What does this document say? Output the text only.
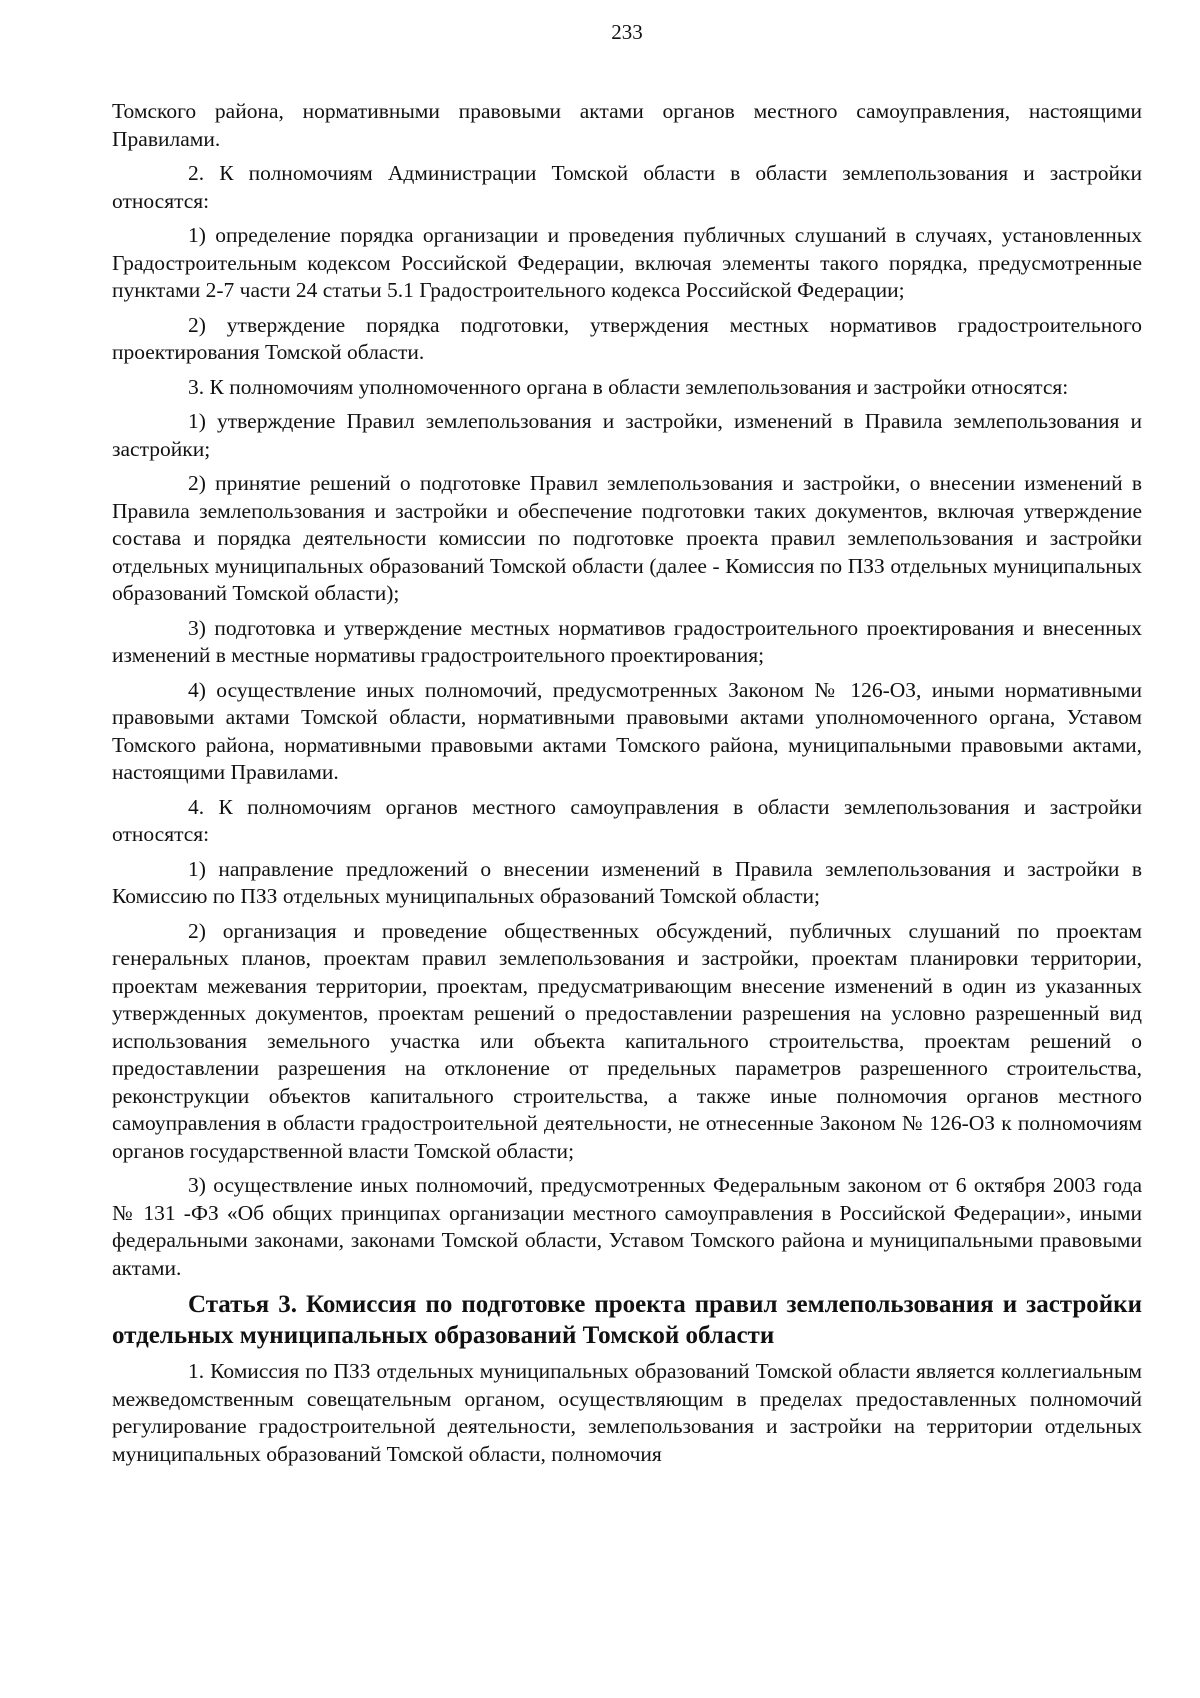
233

Томского района, нормативными правовыми актами органов местного самоуправления, настоящими Правилами.

2. К полномочиям Администрации Томской области в области землепользования и застройки относятся:

1) определение порядка организации и проведения публичных слушаний в случаях, установленных Градостроительным кодексом Российской Федерации, включая элементы такого порядка, предусмотренные пунктами 2-7 части 24 статьи 5.1 Градостроительного кодекса Российской Федерации;

2) утверждение порядка подготовки, утверждения местных нормативов градостроительного проектирования Томской области.

3. К полномочиям уполномоченного органа в области землепользования и застройки относятся:

1) утверждение Правил землепользования и застройки, изменений в Правила землепользования и застройки;

2) принятие решений о подготовке Правил землепользования и застройки, о внесении изменений в Правила землепользования и застройки и обеспечение подготовки таких документов, включая утверждение состава и порядка деятельности комиссии по подготовке проекта правил землепользования и застройки отдельных муниципальных образований Томской области (далее - Комиссия по ПЗЗ отдельных муниципальных образований Томской области);

3) подготовка и утверждение местных нормативов градостроительного проектирования и внесенных изменений в местные нормативы градостроительного проектирования;

4) осуществление иных полномочий, предусмотренных Законом № 126-ОЗ, иными нормативными правовыми актами Томской области, нормативными правовыми актами уполномоченного органа, Уставом Томского района, нормативными правовыми актами Томского района, муниципальными правовыми актами, настоящими Правилами.

4. К полномочиям органов местного самоуправления в области землепользования и застройки относятся:

1) направление предложений о внесении изменений в Правила землепользования и застройки в Комиссию по ПЗЗ отдельных муниципальных образований Томской области;

2) организация и проведение общественных обсуждений, публичных слушаний по проектам генеральных планов, проектам правил землепользования и застройки, проектам планировки территории, проектам межевания территории, проектам, предусматривающим внесение изменений в один из указанных утвержденных документов, проектам решений о предоставлении разрешения на условно разрешенный вид использования земельного участка или объекта капитального строительства, проектам решений о предоставлении разрешения на отклонение от предельных параметров разрешенного строительства, реконструкции объектов капитального строительства, а также иные полномочия органов местного самоуправления в области градостроительной деятельности, не отнесенные Законом № 126-ОЗ к полномочиям органов государственной власти Томской области;

3) осуществление иных полномочий, предусмотренных Федеральным законом от 6 октября 2003 года № 131 -ФЗ «Об общих принципах организации местного самоуправления в Российской Федерации», иными федеральными законами, законами Томской области, Уставом Томского района и муниципальными правовыми актами.

Статья 3. Комиссия по подготовке проекта правил землепользования и застройки отдельных муниципальных образований Томской области

1. Комиссия по ПЗЗ отдельных муниципальных образований Томской области является коллегиальным межведомственным совещательным органом, осуществляющим в пределах предоставленных полномочий регулирование градостроительной деятельности, землепользования и застройки на территории отдельных муниципальных образований Томской области, полномочия
